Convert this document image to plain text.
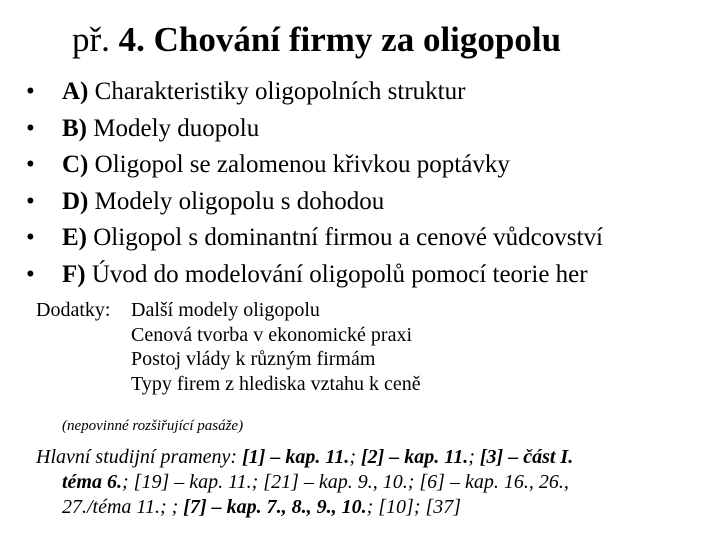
př. 4. Chování firmy za oligopolu
• A) Charakteristiky oligopolních struktur
• B) Modely duopolu
• C) Oligopol se zalomenou křivkou poptávky
• D) Modely oligopolu s dohodou
• E) Oligopol s dominantní firmou a cenové vůdcovství
• F) Úvod do modelování oligopolů pomocí teorie her
Dodatky: Další modely oligopolu
Cenová tvorba v ekonomické praxi
Postoj vlády k různým firmám
Typy firem z hlediska vztahu k ceně
(nepovinné rozšiřující pasáže)
Hlavní studijní prameny: [1] – kap. 11.; [2] – kap. 11.; [3] – část I.
téma 6.; [19] – kap. 11.; [21] – kap. 9., 10.; [6] – kap. 16., 26.,
27./téma 11.; ; [7] – kap. 7., 8., 9., 10.; [10]; [37]
